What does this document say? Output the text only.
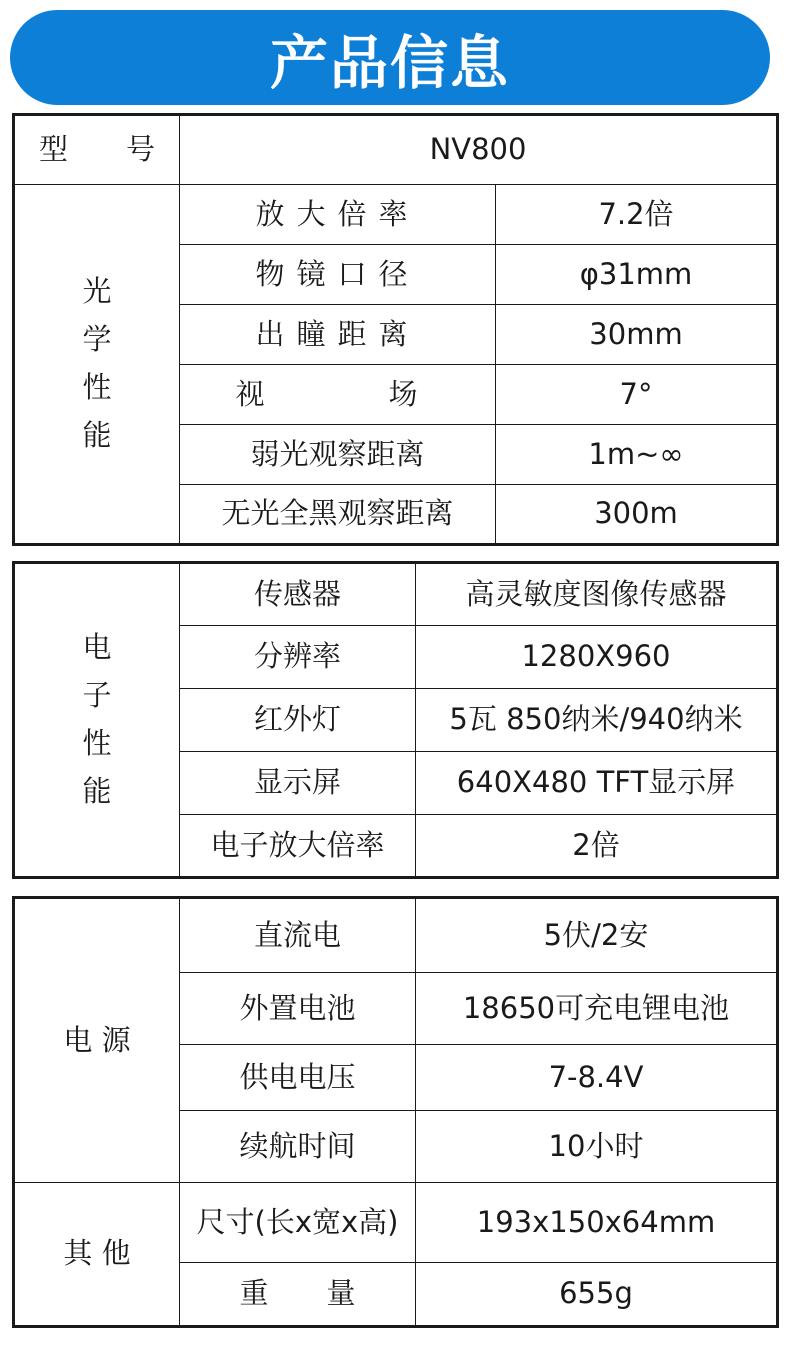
产品信息
型　　号	NV800	
光学性能	放大倍率	7.2倍
	物镜口径	φ31mm
	出瞳距离	30mm
	视　　场	7°
	弱光观察距离	1m~∞
	无光全黑观察距离	300m
电子性能	传感器	高灵敏度图像传感器
	分辨率	1280X960
	红外灯	5瓦 850纳米/940纳米
	显示屏	640X480 TFT显示屏
	电子放大倍率	2倍
电 源	直流电	5伏/2安
	外置电池	18650可充电锂电池
	供电电压	7-8.4V
	续航时间	10小时
其 他	尺寸(长x宽x高)	193x150x64mm
	重　　量	655g
